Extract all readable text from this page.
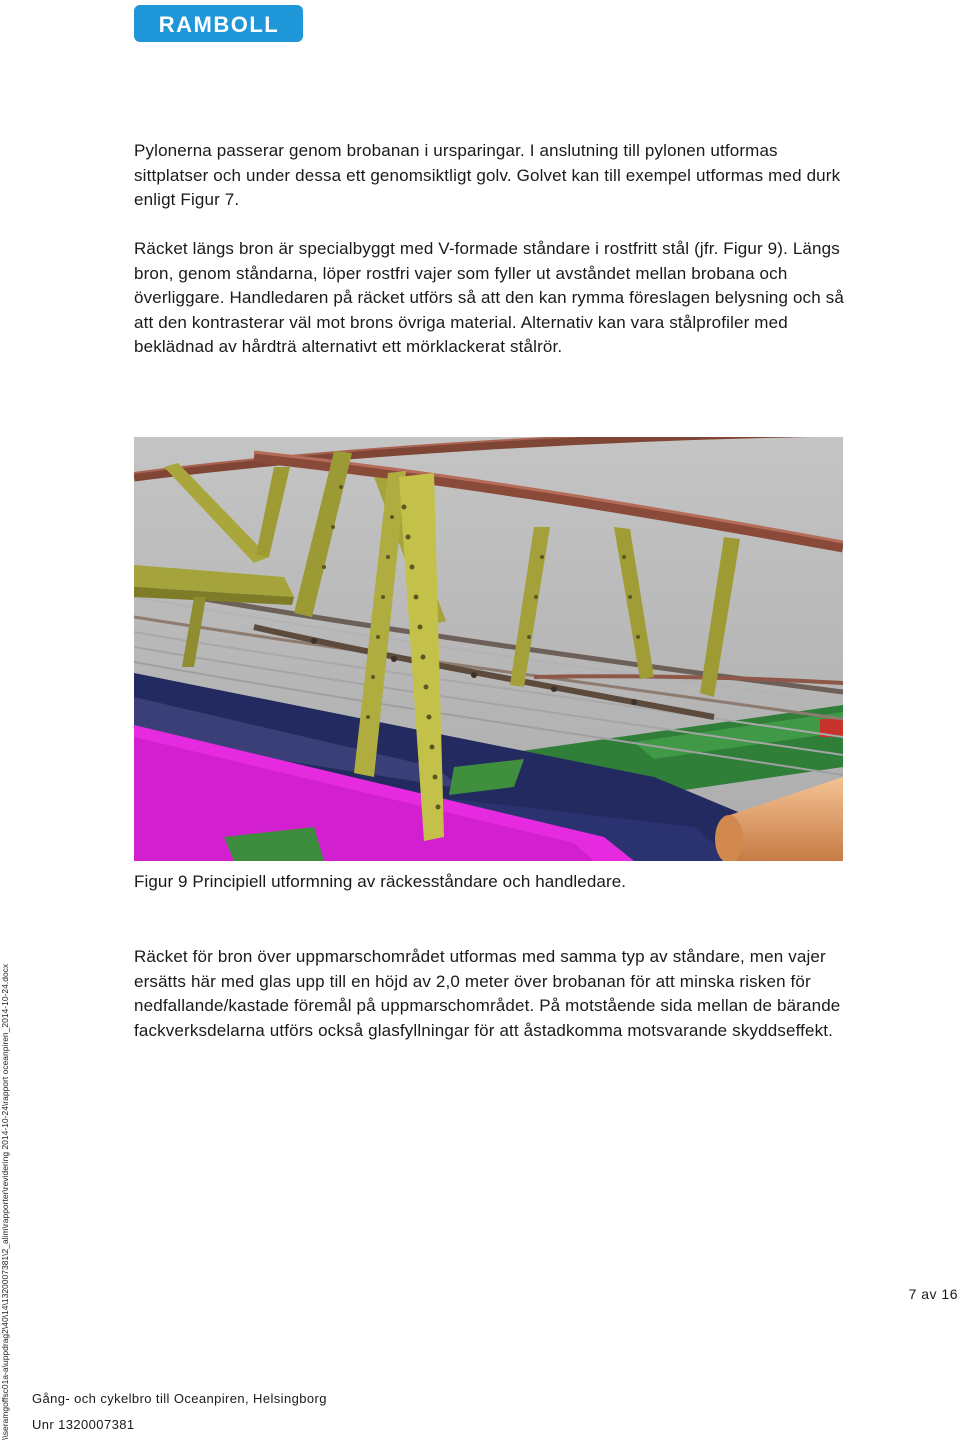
RAMBOLL

Pylonerna passerar genom brobanan i ursparingar. I anslutning till pylonen utformas sittplatser och under dessa ett genomsiktligt golv. Golvet kan till exempel utformas med durk enligt Figur 7.

Räcket längs bron är specialbyggt med V-formade ståndare i rostfritt stål (jfr. Figur 9). Längs bron, genom ståndarna, löper rostfri vajer som fyller ut avståndet mellan brobana och överliggare. Handledaren på räcket utförs så att den kan rymma föreslagen belysning och så att den kontrasterar väl mot brons övriga material. Alternativ kan vara stålprofiler med beklädnad av hårdträ alternativt ett mörklackerat stålrör.

Figur 9 Principiell utformning av räckesståndare och handledare.

Räcket för bron över uppmarschområdet utformas med samma typ av ståndare, men vajer ersätts här med glas upp till en höjd av 2,0 meter över brobanan för att minska risken för nedfallande/kastade föremål på uppmarschområdet. På motstående sida mellan de bärande fackverksdelarna utförs också glasfyllningar för att åstadkomma motsvarande skyddseffekt.

\\seramgoffsc01a-a\uppdrag2\40\14\1320007381\2_alim\rapporter\revidering 2014-10-24\rapport oceanpiren_2014-10-24.docx	7 av 16
Gång- och cykelbro till Oceanpiren, Helsingborg
Unr 1320007381
